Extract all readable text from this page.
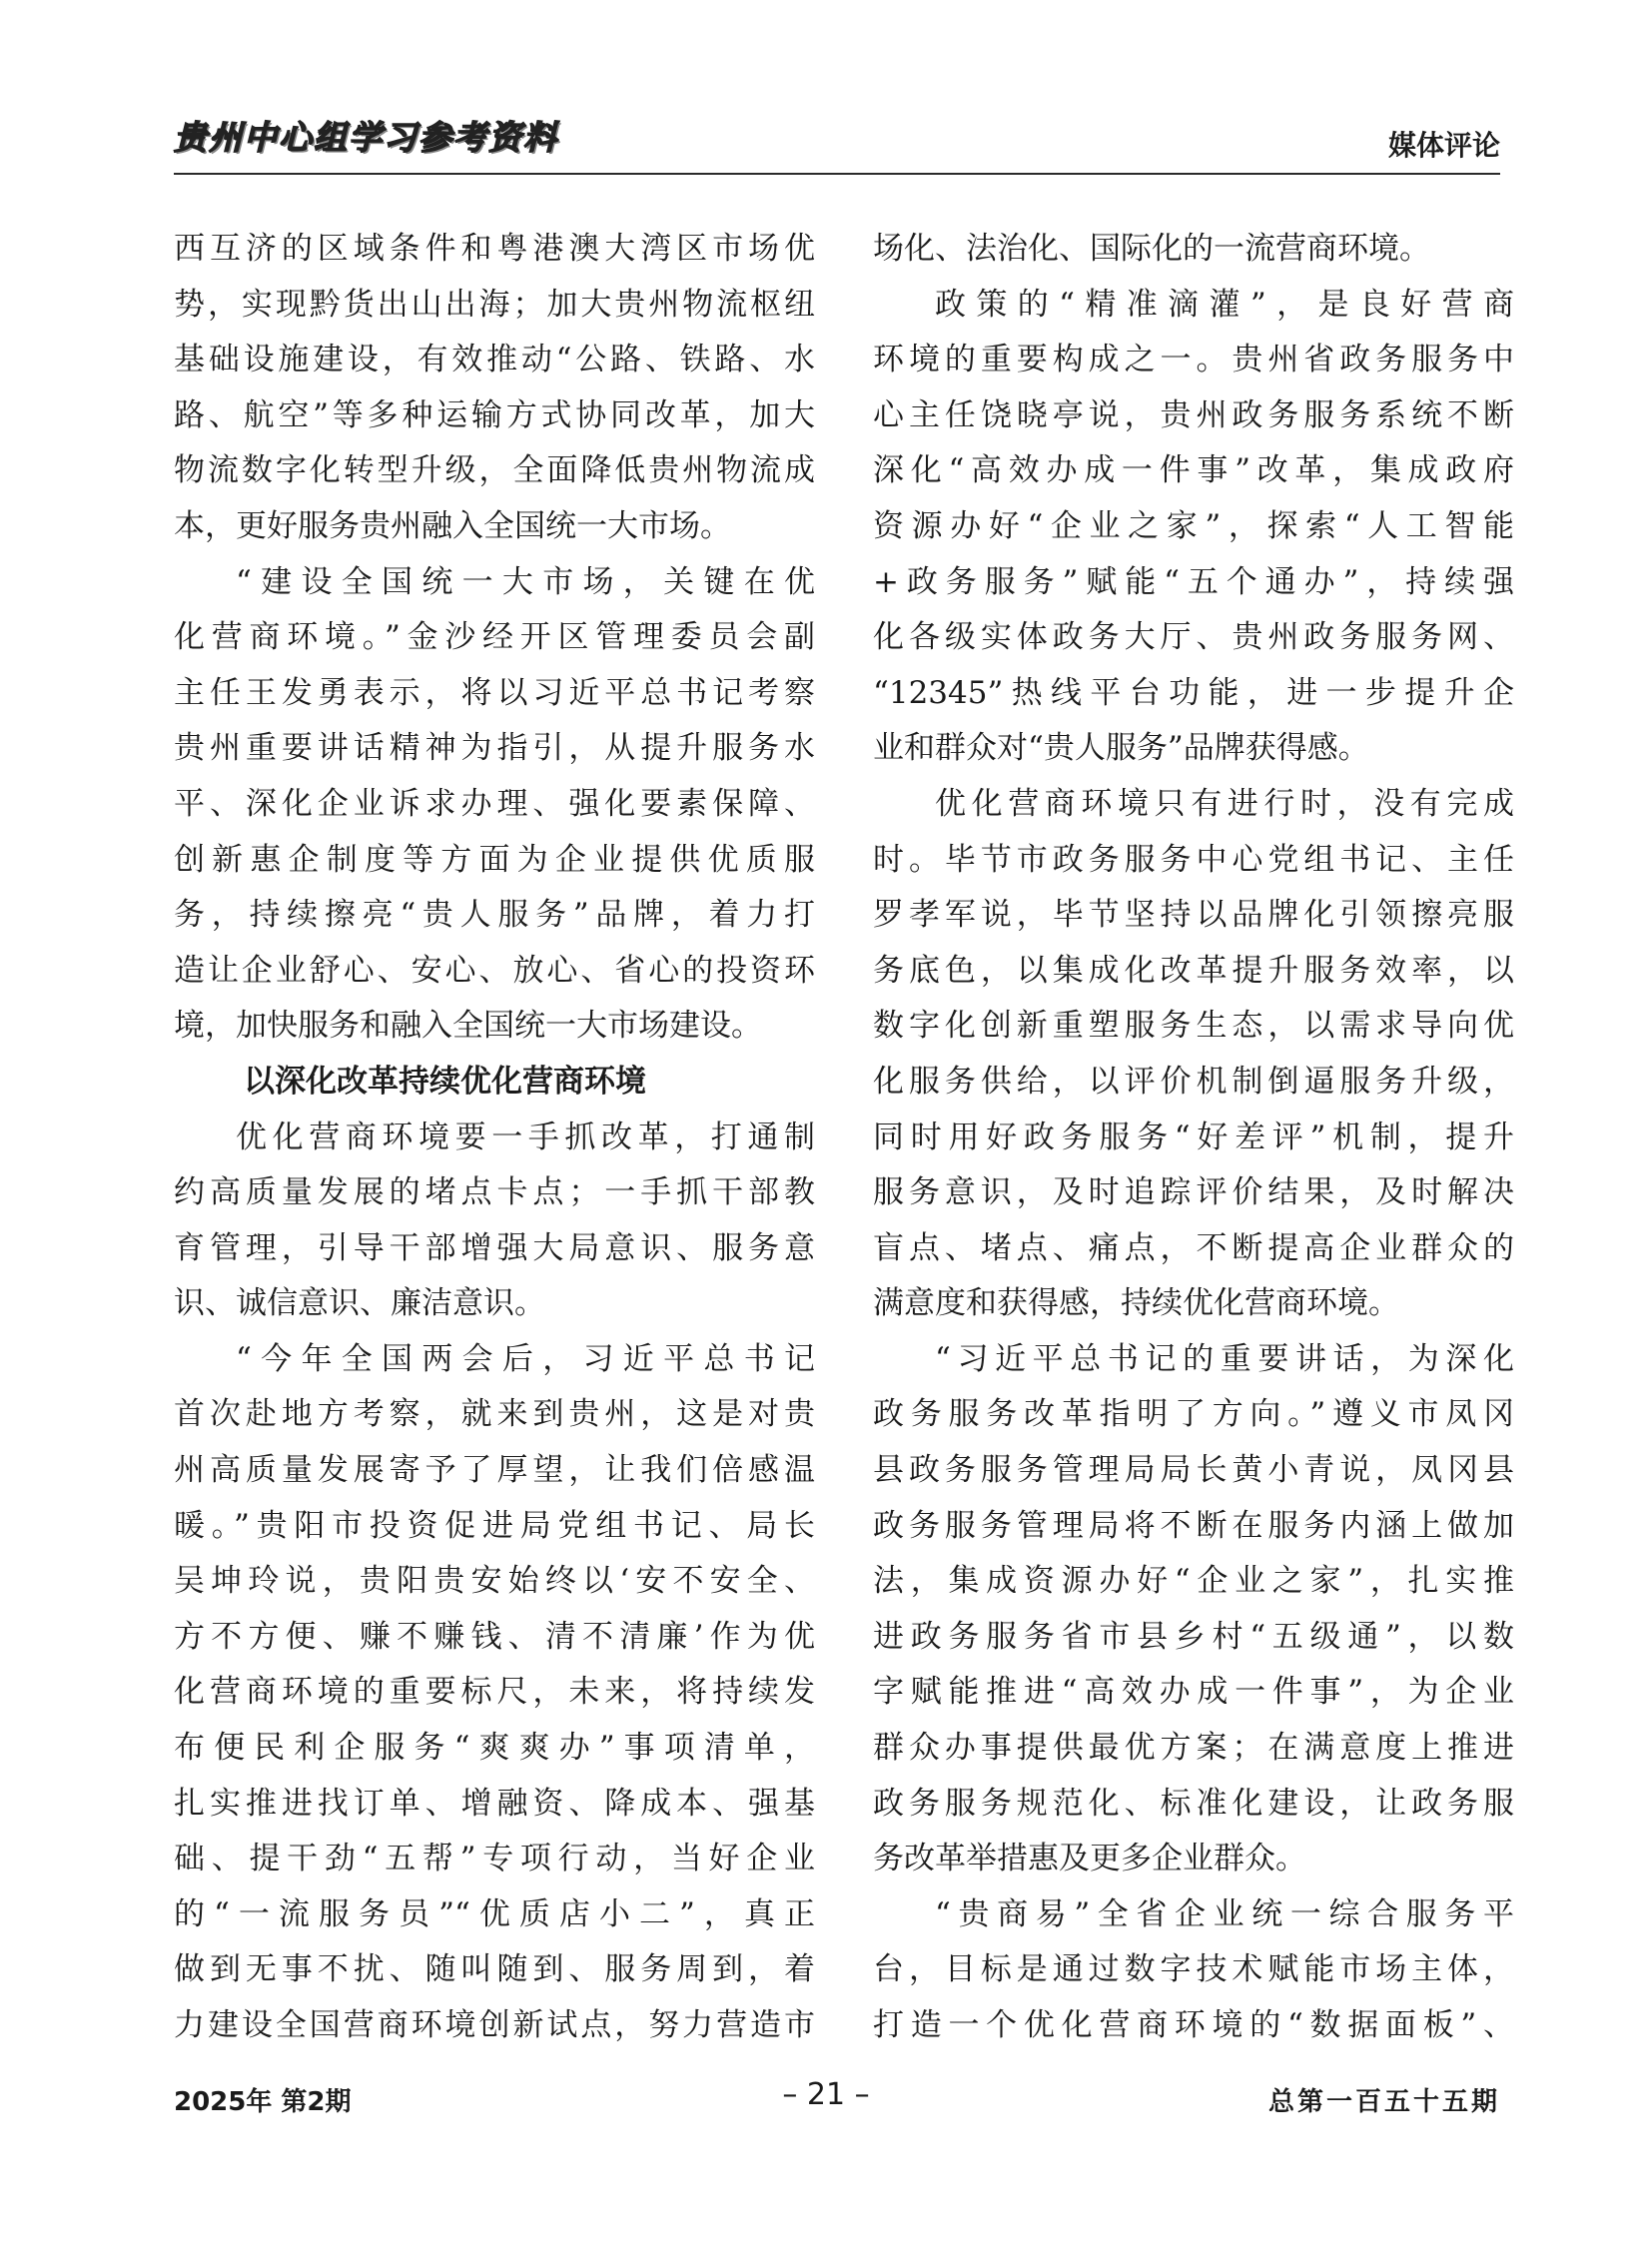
贵州中心组学习参考资料	媒体评论
西互济的区域条件和粤港澳大湾区市场优
势，实现黔货出山出海；加大贵州物流枢纽
基础设施建设，有效推动“公路、铁路、水
路、航空”等多种运输方式协同改革，加大
物流数字化转型升级，全面降低贵州物流成
本，更好服务贵州融入全国统一大市场。
“建设全国统一大市场，关键在优
化营商环境。”金沙经开区管理委员会副
主任王发勇表示，将以习近平总书记考察
贵州重要讲话精神为指引，从提升服务水
平、深化企业诉求办理、强化要素保障、
创新惠企制度等方面为企业提供优质服
务，持续擦亮“贵人服务”品牌，着力打
造让企业舒心、安心、放心、省心的投资环
境，加快服务和融入全国统一大市场建设。
以深化改革持续优化营商环境
优化营商环境要一手抓改革，打通制
约高质量发展的堵点卡点；一手抓干部教
育管理，引导干部增强大局意识、服务意
识、诚信意识、廉洁意识。
“今年全国两会后，习近平总书记
首次赴地方考察，就来到贵州，这是对贵
州高质量发展寄予了厚望，让我们倍感温
暖。”贵阳市投资促进局党组书记、局长
吴坤玲说，贵阳贵安始终以‘安不安全、
方不方便、赚不赚钱、清不清廉’作为优
化营商环境的重要标尺，未来，将持续发
布便民利企服务“爽爽办”事项清单，
扎实推进找订单、增融资、降成本、强基
础、提干劲“五帮”专项行动，当好企业
的“一流服务员”“优质店小二”，真正
做到无事不扰、随叫随到、服务周到，着
力建设全国营商环境创新试点，努力营造市
场化、法治化、国际化的一流营商环境。
政策的“精准滴灌”，是良好营商
环境的重要构成之一。贵州省政务服务中
心主任饶晓亭说，贵州政务服务系统不断
深化“高效办成一件事”改革，集成政府
资源办好“企业之家”，探索“人工智能
+政务服务”赋能“五个通办”，持续强
化各级实体政务大厅、贵州政务服务网、
“12345”热线平台功能，进一步提升企
业和群众对“贵人服务”品牌获得感。
优化营商环境只有进行时，没有完成
时。毕节市政务服务中心党组书记、主任
罗孝军说，毕节坚持以品牌化引领擦亮服
务底色，以集成化改革提升服务效率，以
数字化创新重塑服务生态，以需求导向优
化服务供给，以评价机制倒逼服务升级，
同时用好政务服务“好差评”机制，提升
服务意识，及时追踪评价结果，及时解决
盲点、堵点、痛点，不断提高企业群众的
满意度和获得感，持续优化营商环境。
“习近平总书记的重要讲话，为深化
政务服务改革指明了方向。”遵义市凤冈
县政务服务管理局局长黄小青说，凤冈县
政务服务管理局将不断在服务内涵上做加
法，集成资源办好“企业之家”，扎实推
进政务服务省市县乡村“五级通”，以数
字赋能推进“高效办成一件事”，为企业
群众办事提供最优方案；在满意度上推进
政务服务规范化、标准化建设，让政务服
务改革举措惠及更多企业群众。
“贵商易”全省企业统一综合服务平
台，目标是通过数字技术赋能市场主体，
打造一个优化营商环境的“数据面板”、
2025年 第2期	– 21 –	总第一百五十五期
